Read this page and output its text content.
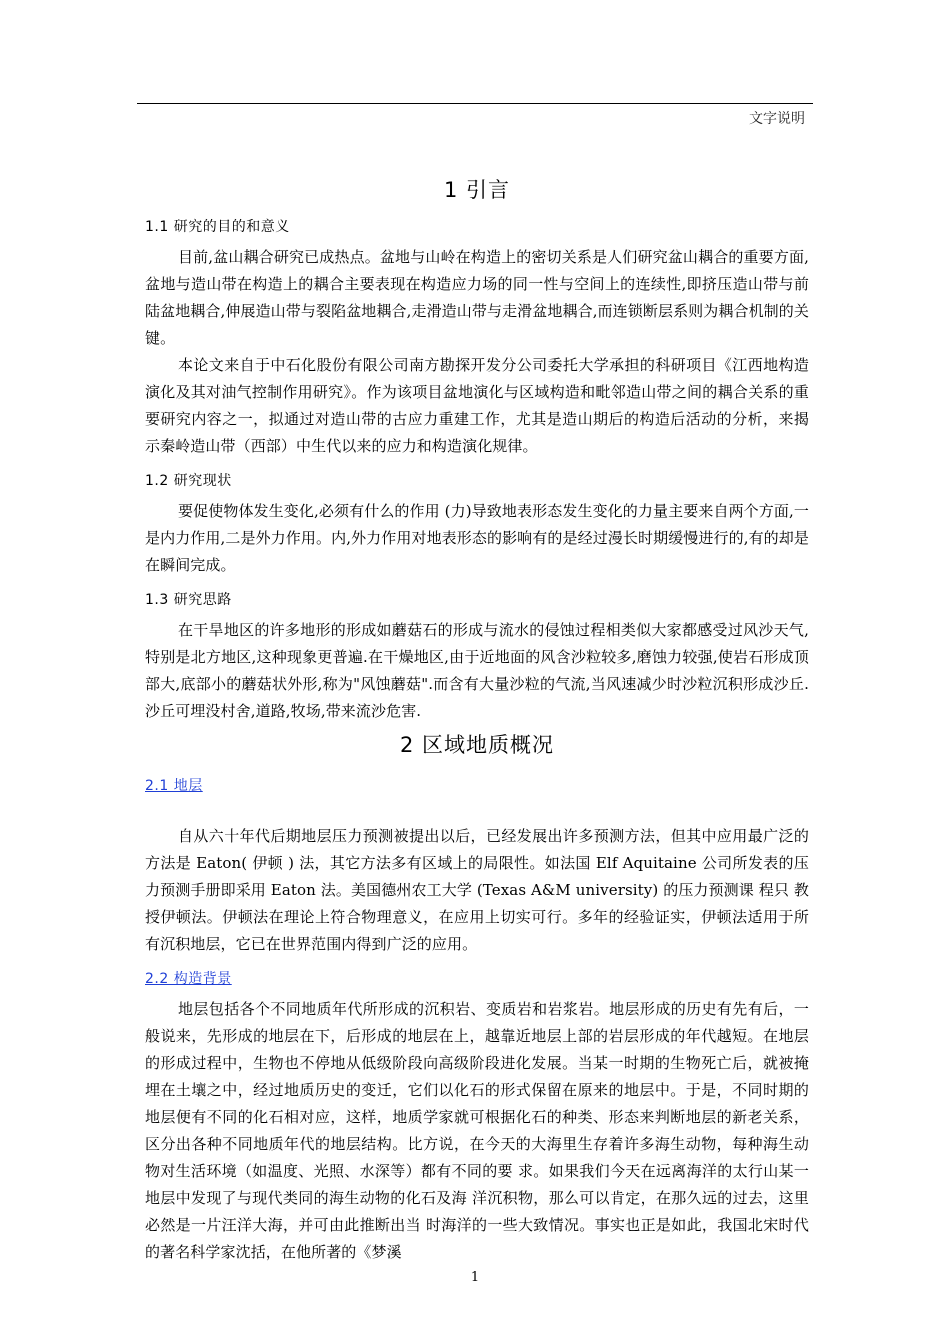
文字说明
1 引言
1.1 研究的目的和意义

目前,盆山耦合研究已成热点。盆地与山岭在构造上的密切关系是人们研究盆山耦合的重要方面,盆地与造山带在构造上的耦合主要表现在构造应力场的同一性与空间上的连续性,即挤压造山带与前陆盆地耦合,伸展造山带与裂陷盆地耦合,走滑造山带与走滑盆地耦合,而连锁断层系则为耦合机制的关键。

本论文来自于中石化股份有限公司南方勘探开发分公司委托大学承担的科研项目《江西地构造演化及其对油气控制作用研究》。作为该项目盆地演化与区域构造和毗邻造山带之间的耦合关系的重要研究内容之一，拟通过对造山带的古应力重建工作，尤其是造山期后的构造后活动的分析，来揭示秦岭造山带（西部）中生代以来的应力和构造演化规律。

1.2 研究现状

要促使物体发生变化,必须有什么的作用 (力)导致地表形态发生变化的力量主要来自两个方面,一是内力作用,二是外力作用。内,外力作用对地表形态的影响有的是经过漫长时期缓慢进行的,有的却是在瞬间完成。

1.3 研究思路

在干旱地区的许多地形的形成如蘑菇石的形成与流水的侵蚀过程相类似大家都感受过风沙天气,特别是北方地区,这种现象更普遍.在干燥地区,由于近地面的风含沙粒较多,磨蚀力较强,使岩石形成顶部大,底部小的蘑菇状外形,称为"风蚀蘑菇".而含有大量沙粒的气流,当风速减少时沙粒沉积形成沙丘.沙丘可埋没村舍,道路,牧场,带来流沙危害.

2 区域地质概况
2.1 地层

自从六十年代后期地层压力预测被提出以后，已经发展出许多预测方法，但其中应用最广泛的方法是 Eaton( 伊顿 ) 法，其它方法多有区域上的局限性。如法国 Elf Aquitaine 公司所发表的压力预测手册即采用 Eaton 法。美国德州农工大学 (Texas A&M university) 的压力预测课 程只 教授伊顿法。伊顿法在理论上符合物理意义，在应用上切实可行。多年的经验证实，伊顿法适用于所有沉积地层，它已在世界范围内得到广泛的应用。

2.2 构造背景

地层包括各个不同地质年代所形成的沉积岩、变质岩和岩浆岩。地层形成的历史有先有后，一般说来，先形成的地层在下，后形成的地层在上，越靠近地层上部的岩层形成的年代越短。在地层的形成过程中，生物也不停地从低级阶段向高级阶段进化发展。当某一时期的生物死亡后，就被掩埋在土壤之中，经过地质历史的变迁，它们以化石的形式保留在原来的地层中。于是，不同时期的地层便有不同的化石相对应，这样，地质学家就可根据化石的种类、形态来判断地层的新老关系，区分出各种不同地质年代的地层结构。比方说，在今天的大海里生存着许多海生动物，每种海生动物对生活环境（如温度、光照、水深等）都有不同的要 求。如果我们今天在远离海洋的太行山某一地层中发现了与现代类同的海生动物的化石及海 洋沉积物，那么可以肯定，在那久远的过去，这里必然是一片汪洋大海，并可由此推断出当 时海洋的一些大致情况。事实也正是如此，我国北宋时代的著名科学家沈括，在他所著的《梦溪

1
